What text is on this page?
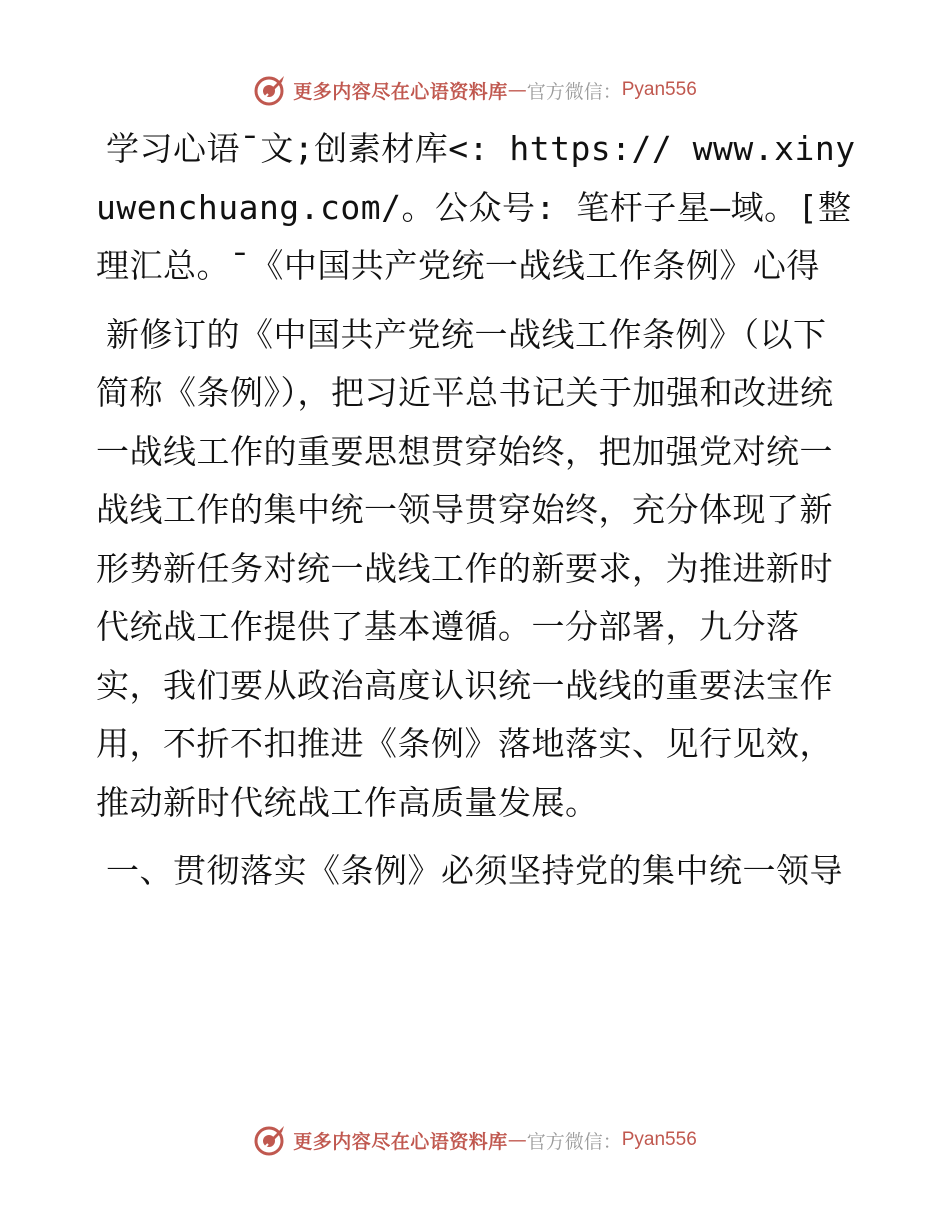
更多内容尽在心语资料库 — 官方微信： Pyan556

学习心语¯文;创素材库<: https:// www.xinyuwenchuang.com/。公众号: 笔杆子星—域。[整理汇总。¯《中国共产党统一战线工作条例》心得

新修订的《中国共产党统一战线工作条例》（以下简称《条例》），把习近平总书记关于加强和改进统一战线工作的重要思想贯穿始终，把加强党对统一战线工作的集中统一领导贯穿始终，充分体现了新形势新任务对统一战线工作的新要求，为推进新时代统战工作提供了基本遵循。一分部署，九分落实，我们要从政治高度认识统一战线的重要法宝作用，不折不扣推进《条例》落地落实、见行见效，推动新时代统战工作高质量发展。

一、贯彻落实《条例》必须坚持党的集中统一领导

更多内容尽在心语资料库 — 官方微信： Pyan556
